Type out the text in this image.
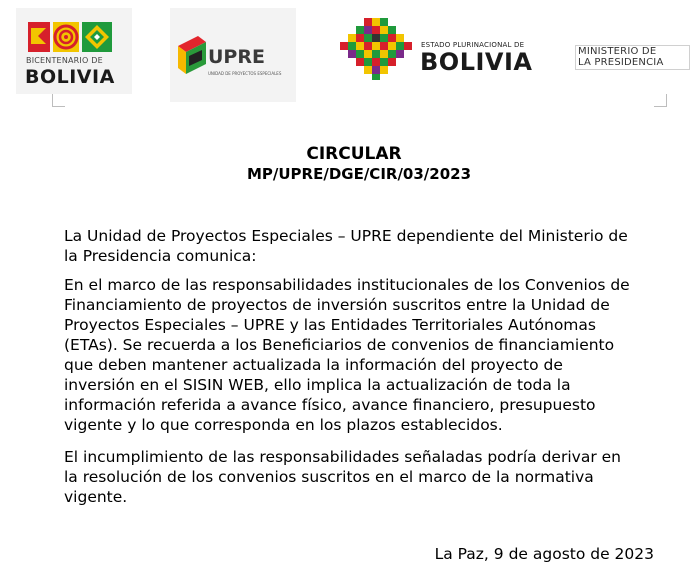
BICENTENARIO DE
BOLIVIA
UPRE
UNIDAD DE PROYECTOS ESPECIALES
ESTADO PLURINACIONAL DE
BOLIVIA	MINISTERIO DE
LA PRESIDENCIA
CIRCULAR
MP/UPRE/DGE/CIR/03/2023
La Unidad de Proyectos Especiales – UPRE dependiente del Ministerio de
la Presidencia comunica:
En el marco de las responsabilidades institucionales de los Convenios de
Financiamiento de proyectos de inversión suscritos entre la Unidad de
Proyectos Especiales – UPRE y las Entidades Territoriales Autónomas
(ETAs). Se recuerda a los Beneficiarios de convenios de financiamiento
que deben mantener actualizada la información del proyecto de
inversión en el SISIN WEB, ello implica la actualización de toda la
información referida a avance físico, avance financiero, presupuesto
vigente y lo que corresponda en los plazos establecidos.
El incumplimiento de las responsabilidades señaladas podría derivar en
la resolución de los convenios suscritos en el marco de la normativa
vigente.
La Paz, 9 de agosto de 2023
